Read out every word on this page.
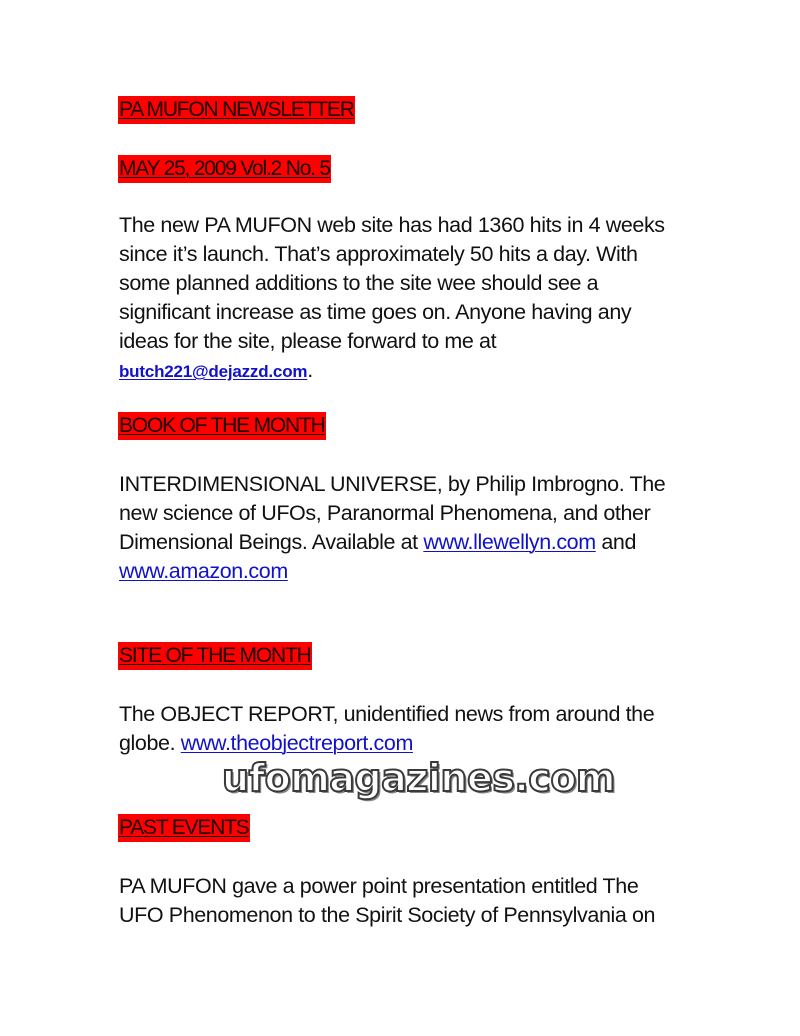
PA MUFON NEWSLETTER
MAY 25, 2009 Vol.2 No. 5
The new PA MUFON web site has had 1360 hits in 4 weeks
since it’s launch. That’s approximately 50 hits a day. With
some planned additions to the site wee should see a
significant increase as time goes on. Anyone having any
ideas for the site, please forward to me at
butch221@dejazzd.com.
BOOK OF THE MONTH
INTERDIMENSIONAL UNIVERSE, by Philip Imbrogno. The
new science of UFOs, Paranormal Phenomena, and other
Dimensional Beings. Available at www.llewellyn.com and
www.amazon.com
SITE OF THE MONTH
The OBJECT REPORT, unidentified news from around the
globe. www.theobjectreport.com
ufomagazines.com
PAST EVENTS
PA MUFON gave a power point presentation entitled The
UFO Phenomenon to the Spirit Society of Pennsylvania on
